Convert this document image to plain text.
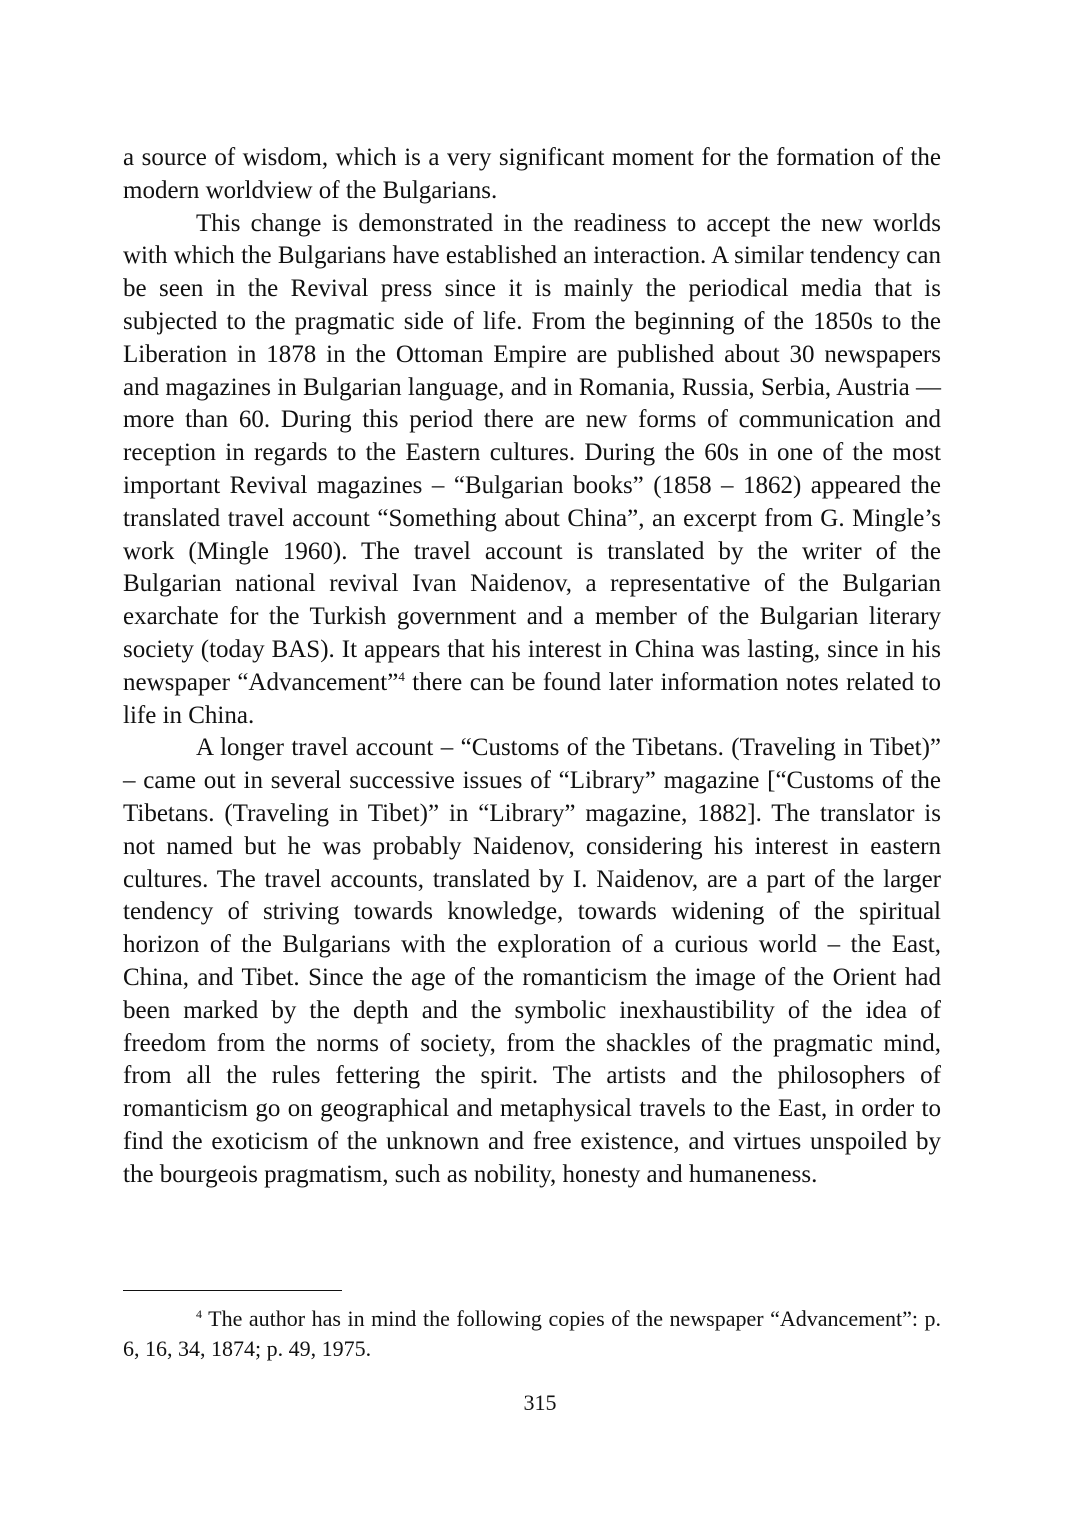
a source of wisdom, which is a very significant moment for the formation of the modern worldview of the Bulgarians.

This change is demonstrated in the readiness to accept the new worlds with which the Bulgarians have established an interaction. A similar tendency can be seen in the Revival press since it is mainly the periodical media that is subjected to the pragmatic side of life. From the beginning of the 1850s to the Liberation in 1878 in the Ottoman Empire are published about 30 newspapers and magazines in Bulgarian language, and in Romania, Russia, Serbia, Austria — more than 60. During this period there are new forms of communication and reception in regards to the Eastern cultures. During the 60s in one of the most important Revival magazines – “Bulgarian books” (1858 – 1862) appeared the translated travel account “Something about China”, an excerpt from G. Mingle’s work (Mingle 1960). The travel account is translated by the writer of the Bulgarian national revival Ivan Naidenov, a representative of the Bulgarian exarchate for the Turkish government and a member of the Bulgarian literary society (today BAS). It appears that his interest in China was lasting, since in his newspaper “Advancement”$^4$ there can be found later information notes related to life in China.

A longer travel account – “Customs of the Tibetans. (Traveling in Tibet)” – came out in several successive issues of “Library” magazine [“Customs of the Tibetans. (Traveling in Tibet)” in “Library” magazine, 1882]. The translator is not named but he was probably Naidenov, considering his interest in eastern cultures. The travel accounts, translated by I. Naidenov, are a part of the larger tendency of striving towards knowledge, towards widening of the spiritual horizon of the Bulgarians with the exploration of a curious world – the East, China, and Tibet. Since the age of the romanticism the image of the Orient had been marked by the depth and the symbolic inexhaustibility of the idea of freedom from the norms of society, from the shackles of the pragmatic mind, from all the rules fettering the spirit. The artists and the philosophers of romanticism go on geographical and metaphysical travels to the East, in order to find the exoticism of the unknown and free existence, and virtues unspoiled by the bourgeois pragmatism, such as nobility, honesty and humaneness.

$^4$ The author has in mind the following copies of the newspaper “Advancement”: p. 6, 16, 34, 1874; p. 49, 1975.

315
